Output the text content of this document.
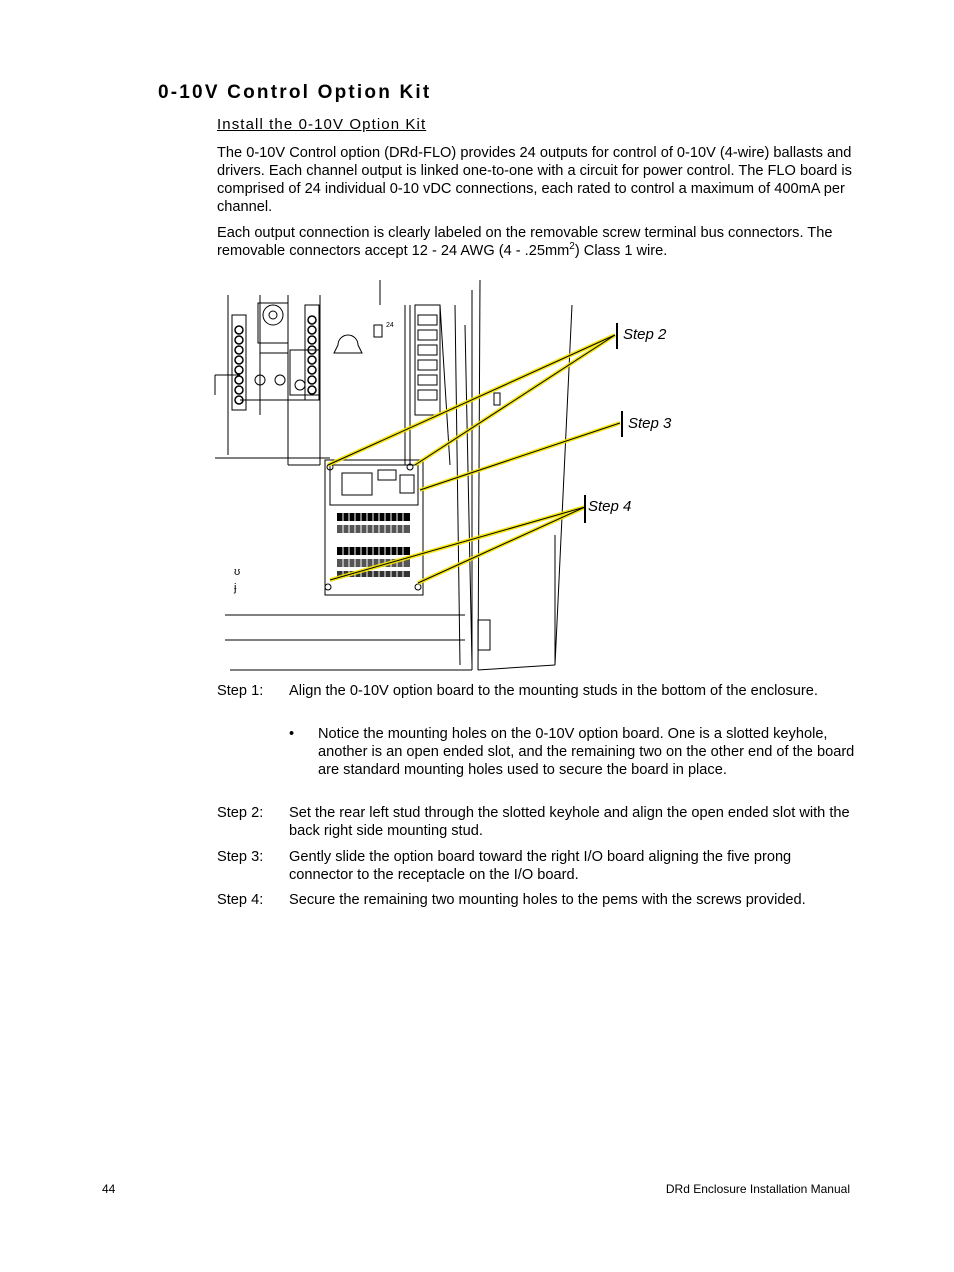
0-10V Control Option Kit
Install the 0-10V Option Kit
The 0-10V Control option (DRd-FLO) provides 24 outputs for control of 0-10V (4-wire) ballasts and drivers. Each channel output is linked one-to-one with a circuit for power control. The FLO board is comprised of 24 individual 0-10 vDC connections, each rated to control a maximum of 400mA per channel.
Each output connection is clearly labeled on the removable screw terminal bus connectors. The removable connectors accept 12 - 24 AWG $(4 - .25mm^2)$ Class 1 wire.
24
ʊ
ɉ
Step 2
Step 3
Step 4
Step 1:	Align the 0-10V option board to the mounting studs in the bottom of the enclosure.
• Notice the mounting holes on the 0-10V option board. One is a slotted keyhole, another is an open ended slot, and the remaining two on the other end of the board are standard mounting holes used to secure the board in place.
Step 2:	Set the rear left stud through the slotted keyhole and align the open ended slot with the back right side mounting stud.
Step 3:	Gently slide the option board toward the right I/O board aligning the five prong connector to the receptacle on the I/O board.
Step 4:	Secure the remaining two mounting holes to the pems with the screws provided.
44	DRd Enclosure Installation Manual
